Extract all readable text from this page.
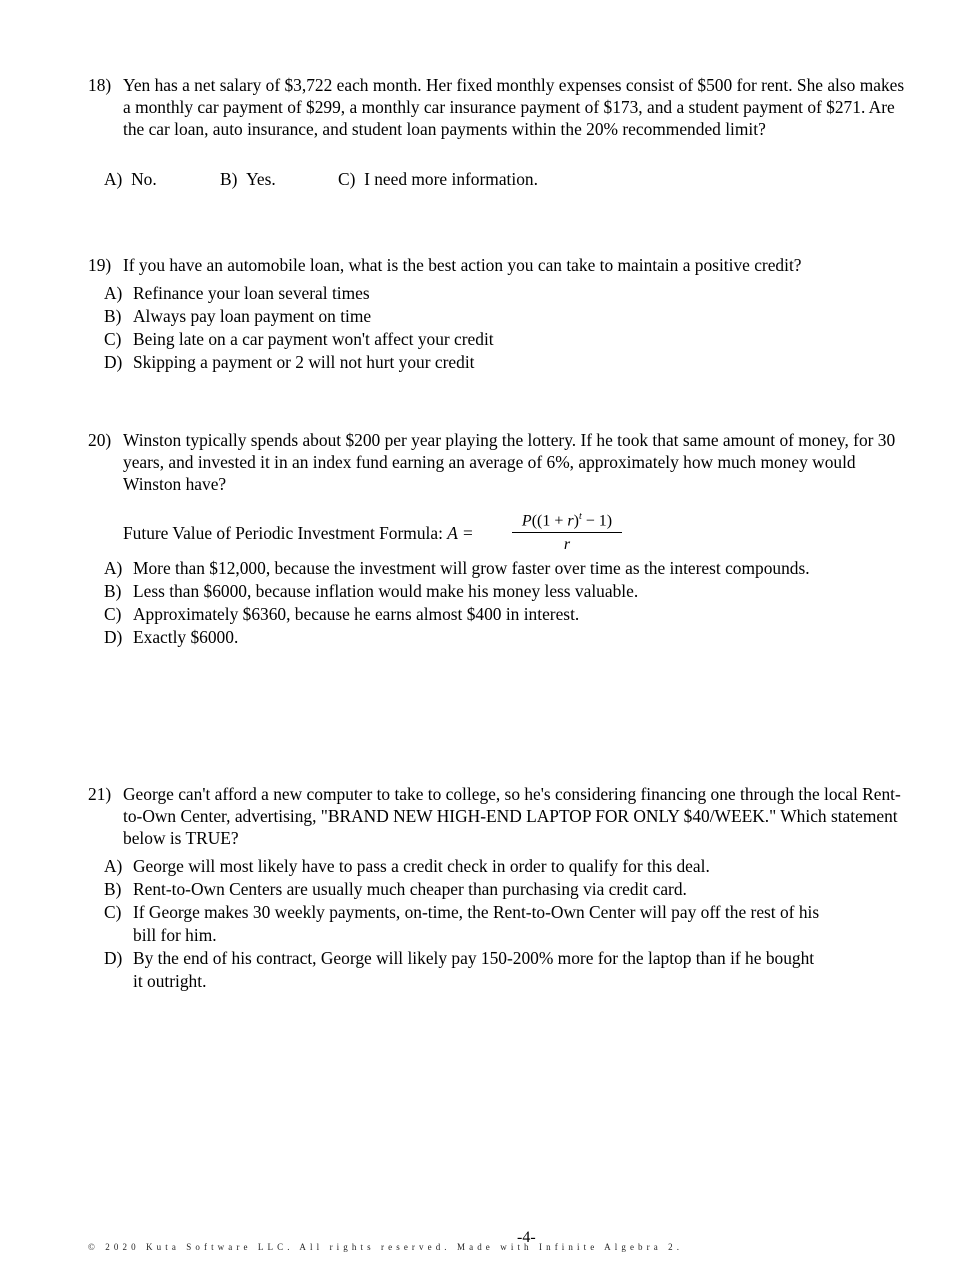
18) Yen has a net salary of $3,722 each month. Her fixed monthly expenses consist of $500 for rent. She also makes a monthly car payment of $299, a monthly car insurance payment of $173, and a student payment of $271. Are the car loan, auto insurance, and student loan payments within the 20% recommended limit?
A) No.	B) Yes.	C) I need more information.
19) If you have an automobile loan, what is the best action you can take to maintain a positive credit?
A) Refinance your loan several times
B) Always pay loan payment on time
C) Being late on a car payment won't affect your credit
D) Skipping a payment or 2 will not hurt your credit
20) Winston typically spends about $200 per year playing the lottery. If he took that same amount of money, for 30 years, and invested it in an index fund earning an average of 6%, approximately how much money would Winston have?
Future Value of Periodic Investment Formula: A =
$P((1 + r)^t - 1)$
r
A) More than $12,000, because the investment will grow faster over time as the interest compounds.
B) Less than $6000, because inflation would make his money less valuable.
C) Approximately $6360, because he earns almost $400 in interest.
D) Exactly $6000.
21) George can't afford a new computer to take to college, so he's considering financing one through the local Rent-to-Own Center, advertising, "BRAND NEW HIGH-END LAPTOP FOR ONLY $40/WEEK." Which statement below is TRUE?
A) George will most likely have to pass a credit check in order to qualify for this deal.
B) Rent-to-Own Centers are usually much cheaper than purchasing via credit card.
C) If George makes 30 weekly payments, on-time, the Rent-to-Own Center will pay off the rest of his bill for him.
D) By the end of his contract, George will likely pay 150-200% more for the laptop than if he bought it outright.
-4-
© 2020 Kuta Software LLC. All rights reserved. Made with Infinite Algebra 2.
